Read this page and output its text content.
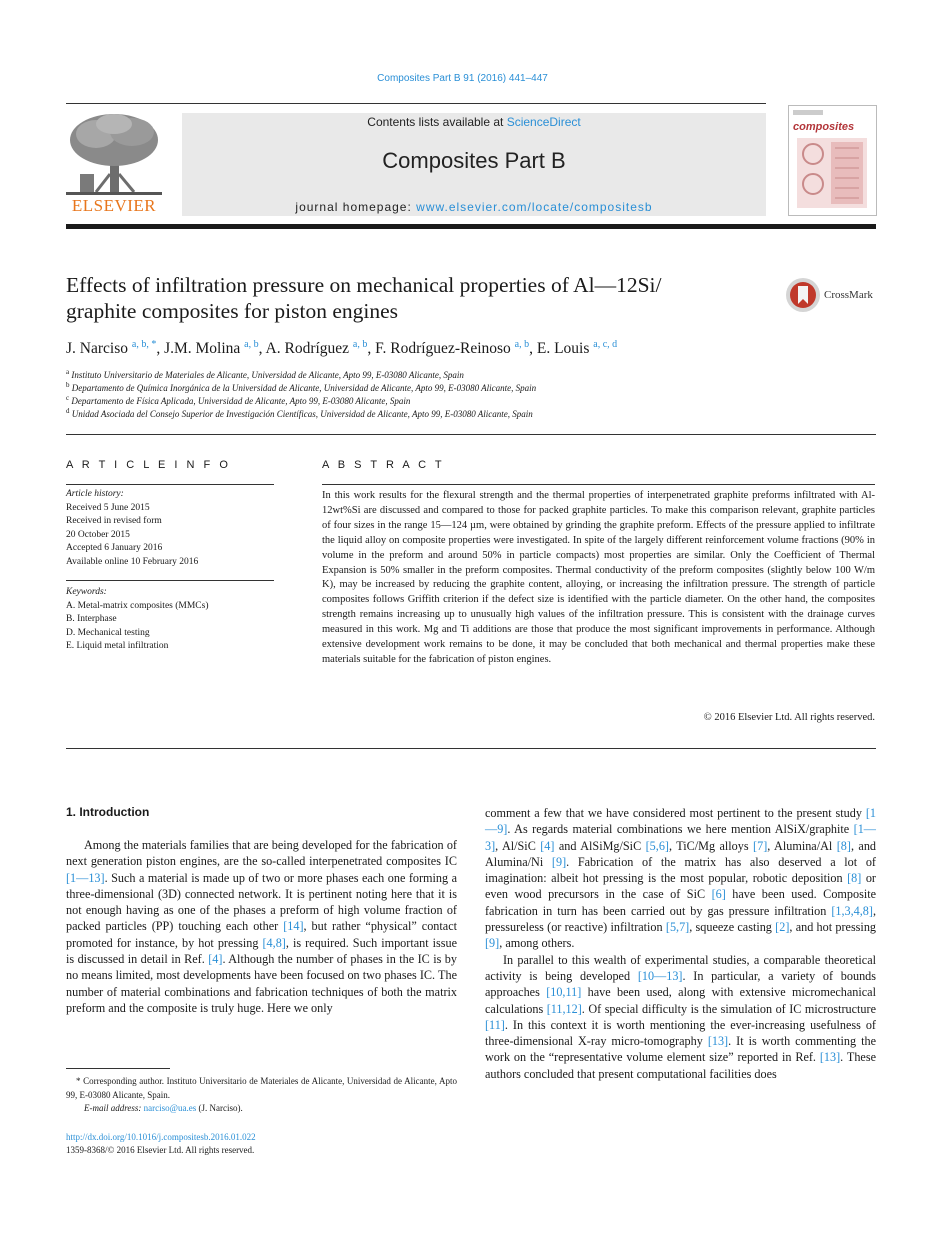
Composites Part B 91 (2016) 441–447
ELSEVIER
Contents lists available at ScienceDirect
Composites Part B
journal homepage: www.elsevier.com/locate/compositesb
composites
Effects of infiltration pressure on mechanical properties of Al—12Si/
graphite composites for piston engines
CrossMark
J. Narciso $^{a, b, *}$, J.M. Molina $^{a, b}$, A. Rodríguez $^{a, b}$, F. Rodríguez-Reinoso $^{a, b}$, E. Louis $^{a, c, d}$
$^a$ Instituto Universitario de Materiales de Alicante, Universidad de Alicante, Apto 99, E-03080 Alicante, Spain
$^b$ Departamento de Química Inorgánica de la Universidad de Alicante, Universidad de Alicante, Apto 99, E-03080 Alicante, Spain
$^c$ Departamento de Física Aplicada, Universidad de Alicante, Apto 99, E-03080 Alicante, Spain
$^d$ Unidad Asociada del Consejo Superior de Investigación Científicas, Universidad de Alicante, Apto 99, E-03080 Alicante, Spain
A R T I C L E I N F O
Article history:
Received 5 June 2015
Received in revised form
20 October 2015
Accepted 6 January 2016
Available online 10 February 2016
Keywords:
A. Metal-matrix composites (MMCs)
B. Interphase
D. Mechanical testing
E. Liquid metal infiltration
A B S T R A C T
In this work results for the flexural strength and the thermal properties of interpenetrated graphite preforms infiltrated with Al-12wt%Si are discussed and compared to those for packed graphite particles. To make this comparison relevant, graphite particles of four sizes in the range 15—124 µm, were obtained by grinding the graphite preform. Effects of the pressure applied to infiltrate the liquid alloy on composite properties were investigated. In spite of the largely different reinforcement volume fractions (90% in volume in the preform and around 50% in particle compacts) most properties are similar. Only the Coefficient of Thermal Expansion is 50% smaller in the preform composites. Thermal conductivity of the preform composites (slightly below 100 W/m K), may be increased by reducing the graphite content, alloying, or increasing the infiltration pressure. The strength of particle composites follows Griffith criterion if the defect size is identified with the particle diameter. On the other hand, the composites strength remains increasing up to unusually high values of the infiltration pressure. This is consistent with the drainage curves measured in this work. Mg and Ti additions are those that produce the most significant improvements in performance. Although extensive development work remains to be done, it may be concluded that both mechanical and thermal properties make these materials suitable for the fabrication of piston engines.
© 2016 Elsevier Ltd. All rights reserved.
1. Introduction

Among the materials families that are being developed for the fabrication of next generation piston engines, are the so-called interpenetrated composites IC [1—13]. Such a material is made up of two or more phases each one forming a three-dimensional (3D) connected network. It is pertinent noting here that it is not enough having as one of the phases a preform of high volume fraction of packed particles (PP) touching each other [14], but rather “physical” contact promoted for instance, by hot pressing [4,8], is required. Such important issue is discussed in detail in Ref. [4]. Although the number of phases in the IC is by no means limited, most developments have been focused on two phases IC. The number of material combinations and fabrication techniques of both the matrix preform and the composite is truly huge. Here we only

comment a few that we have considered most pertinent to the present study [1—9]. As regards material combinations we here mention AlSiX/graphite [1—3], Al/SiC [4] and AlSiMg/SiC [5,6], TiC/Mg alloys [7], Alumina/Al [8], and Alumina/Ni [9]. Fabrication of the matrix has also deserved a lot of imagination: albeit hot pressing is the most popular, robotic deposition [8] or even wood precursors in the case of SiC [6] have been used. Composite fabrication in turn has been carried out by gas pressure infiltration [1,3,4,8], pressureless (or reactive) infiltration [5,7], squeeze casting [2], and hot pressing [9], among others.

In parallel to this wealth of experimental studies, a comparable theoretical activity is being developed [10—13]. In particular, a variety of bounds approaches [10,11] have been used, along with extensive micromechanical calculations [11,12]. Of special difficulty is the simulation of IC microstructure [11]. In this context it is worth mentioning the ever-increasing usefulness of three-dimensional X-ray micro-tomography [13]. It is worth commenting the work on the “representative volume element size” reported in Ref. [13]. These authors concluded that present computational facilities does

* Corresponding author. Instituto Universitario de Materiales de Alicante, Universidad de Alicante, Apto 99, E-03080 Alicante, Spain.
E-mail address: narciso@ua.es (J. Narciso).
http://dx.doi.org/10.1016/j.compositesb.2016.01.022
1359-8368/© 2016 Elsevier Ltd. All rights reserved.
